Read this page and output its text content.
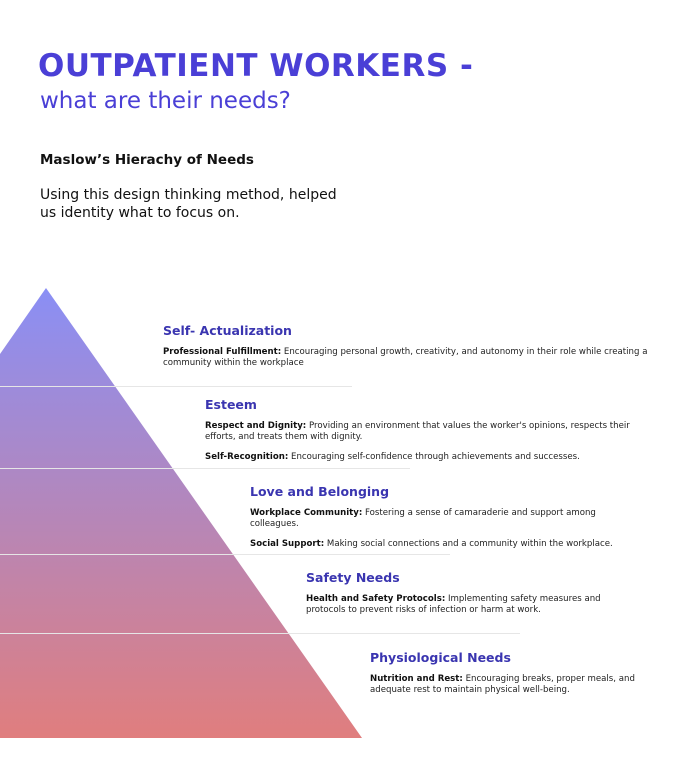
OUTPATIENT WORKERS -
what are their needs?

Maslow’s Hierachy of Needs

Using this design thinking method, helped us identity what to focus on.

Self- Actualization

Professional Fulfillment: Encouraging personal growth, creativity, and autonomy in their role while creating a community within the workplace

Esteem

Respect and Dignity: Providing an environment that values the worker's opinions, respects their efforts, and treats them with dignity.

Self-Recognition: Encouraging self-confidence through achievements and successes.

Love and Belonging

Workplace Community: Fostering a sense of camaraderie and support among colleagues.

Social Support: Making social connections and a community within the workplace.

Safety Needs

Health and Safety Protocols: Implementing safety measures and protocols to prevent risks of infection or harm at work.

Physiological Needs

Nutrition and Rest: Encouraging breaks, proper meals, and adequate rest to maintain physical well-being.
